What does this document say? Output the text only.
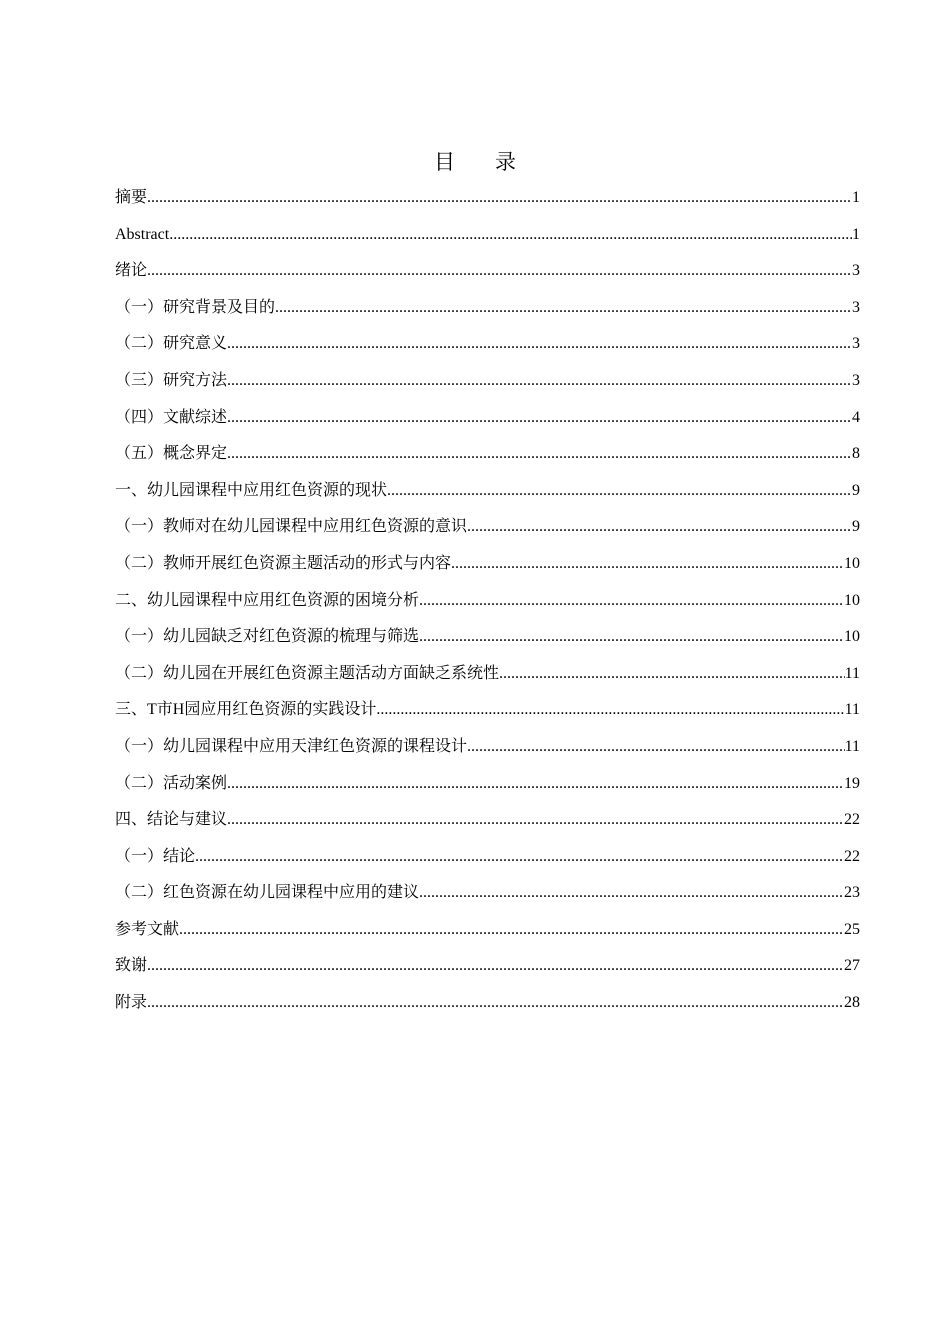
目录
摘要 .....	1
Abstract .....	1
绪论 .....	3
（一）研究背景及目的 .....	3
（二）研究意义 .....	3
（三）研究方法 .....	3
（四）文献综述 .....	4
（五）概念界定 .....	8
一、幼儿园课程中应用红色资源的现状 .....	9
（一）教师对在幼儿园课程中应用红色资源的意识 .....	9
（二）教师开展红色资源主题活动的形式与内容 .....	10
二、幼儿园课程中应用红色资源的困境分析 .....	10
（一）幼儿园缺乏对红色资源的梳理与筛选 .....	10
（二）幼儿园在开展红色资源主题活动方面缺乏系统性 .....	11
三、T市H园应用红色资源的实践设计 .....	11
（一）幼儿园课程中应用天津红色资源的课程设计 .....	11
（二）活动案例 .....	19
四、结论与建议 .....	22
（一）结论 .....	22
（二）红色资源在幼儿园课程中应用的建议 .....	23
参考文献 .....	25
致谢 .....	27
附录 .....	28
